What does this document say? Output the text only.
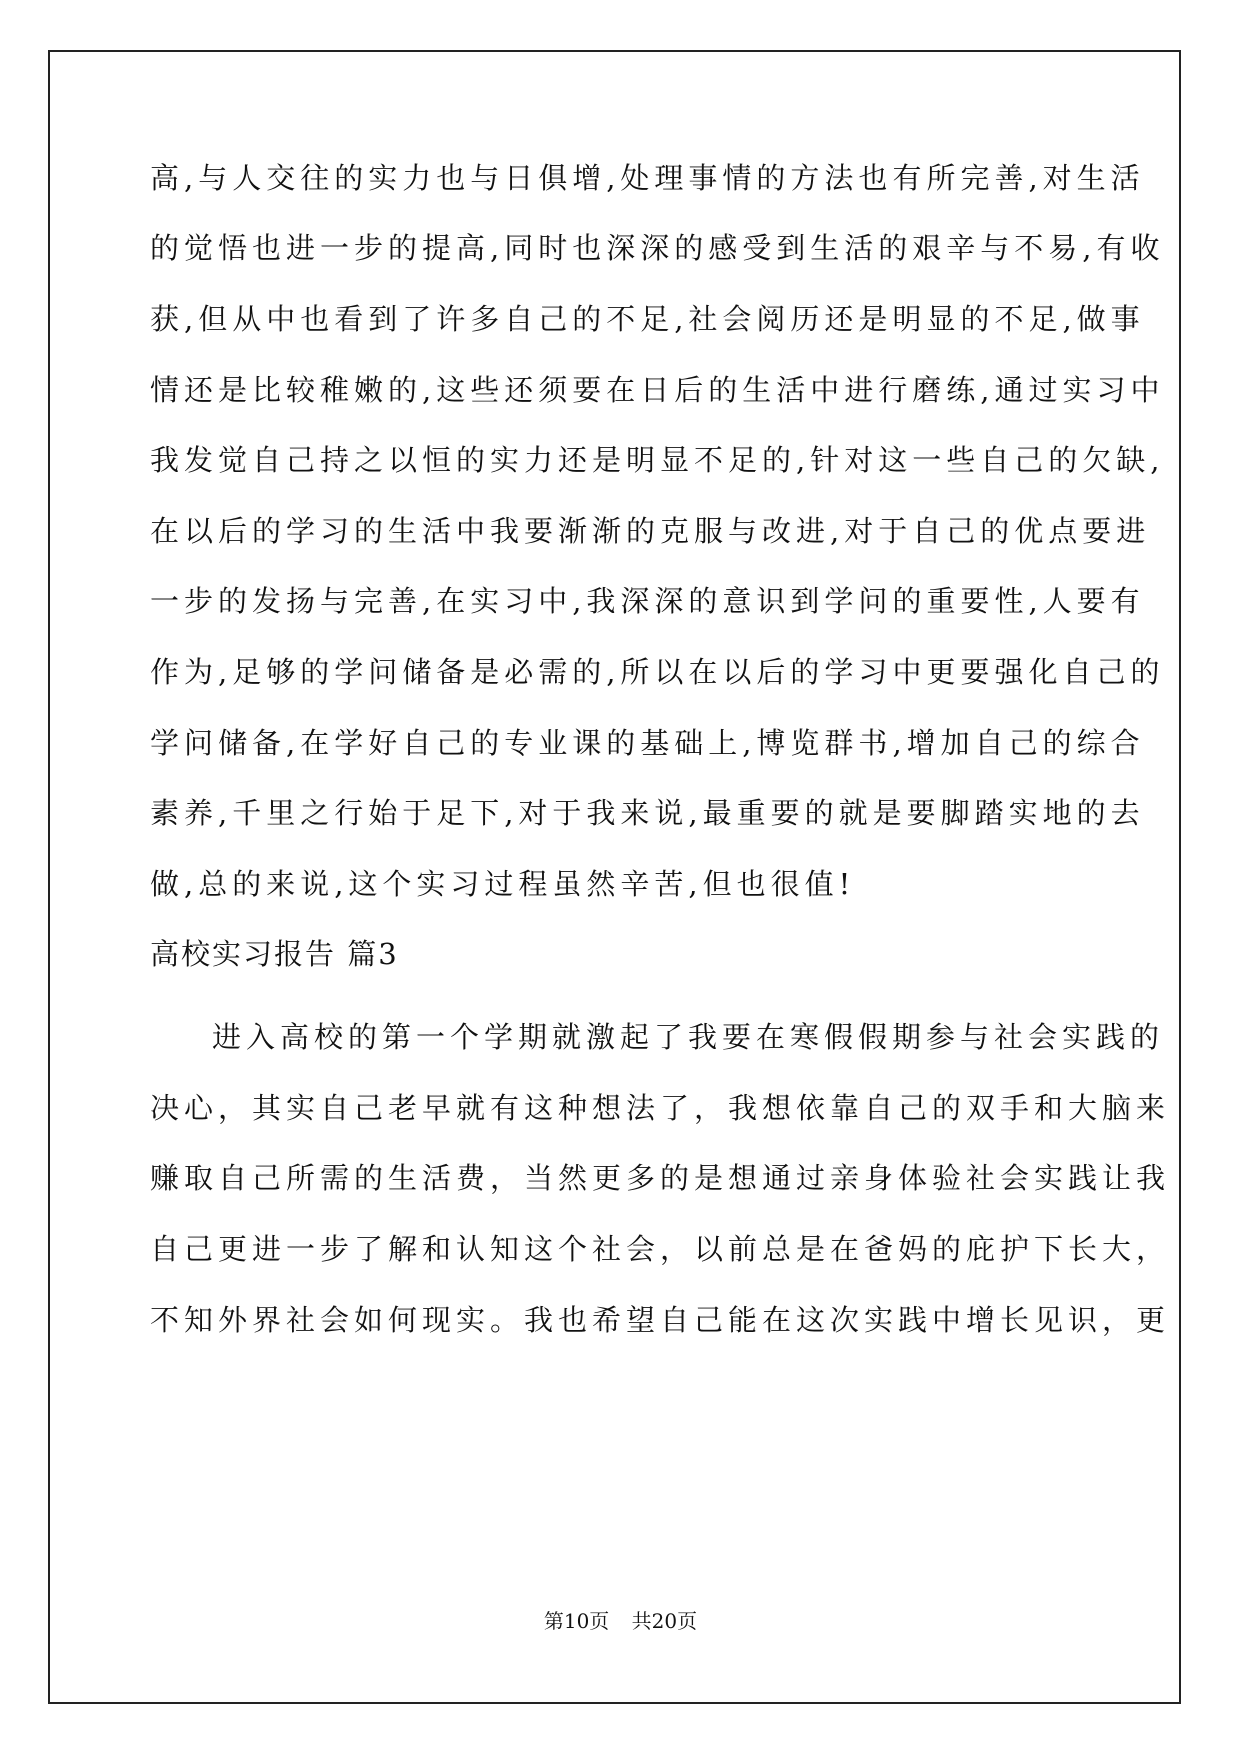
高,与人交往的实力也与日俱增,处理事情的方法也有所完善,对生活
的觉悟也进一步的提高,同时也深深的感受到生活的艰辛与不易,有收
获,但从中也看到了许多自己的不足,社会阅历还是明显的不足,做事
情还是比较稚嫩的,这些还须要在日后的生活中进行磨练,通过实习中
我发觉自己持之以恒的实力还是明显不足的,针对这一些自己的欠缺,
在以后的学习的生活中我要渐渐的克服与改进,对于自己的优点要进
一步的发扬与完善,在实习中,我深深的意识到学问的重要性,人要有
作为,足够的学问储备是必需的,所以在以后的学习中更要强化自己的
学问储备,在学好自己的专业课的基础上,博览群书,增加自己的综合
素养,千里之行始于足下,对于我来说,最重要的就是要脚踏实地的去
做,总的来说,这个实习过程虽然辛苦,但也很值!
高校实习报告 篇3
进入高校的第一个学期就激起了我要在寒假假期参与社会实践的
决心，其实自己老早就有这种想法了，我想依靠自己的双手和大脑来
赚取自己所需的生活费，当然更多的是想通过亲身体验社会实践让我
自己更进一步了解和认知这个社会，以前总是在爸妈的庇护下长大，
不知外界社会如何现实。我也希望自己能在这次实践中增长见识，更
第10页 共20页
